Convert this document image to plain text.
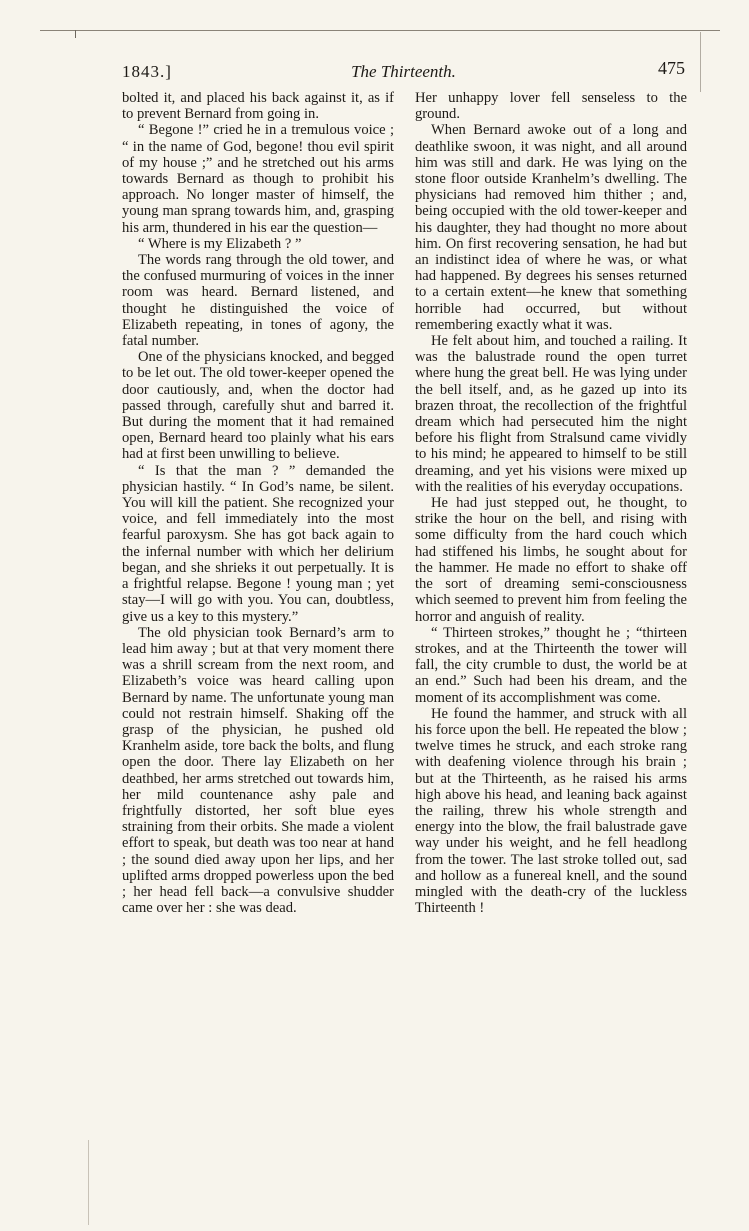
The Thirteenth.
1843.]	475

bolted it, and placed his back against it, as if to prevent Bernard from going in.

“ Begone !” cried he in a tremulous voice ; “ in the name of God, begone! thou evil spirit of my house ;” and he stretched out his arms towards Bernard as though to prohibit his approach. No longer master of himself, the young man sprang towards him, and, grasping his arm, thundered in his ear the question—

“ Where is my Elizabeth ? ”

The words rang through the old tower, and the confused murmuring of voices in the inner room was heard. Bernard listened, and thought he distinguished the voice of Elizabeth repeating, in tones of agony, the fatal number.

One of the physicians knocked, and begged to be let out. The old tower-keeper opened the door cautiously, and, when the doctor had passed through, carefully shut and barred it. But during the moment that it had remained open, Bernard heard too plainly what his ears had at first been unwilling to believe.

“ Is that the man ? ” demanded the physician hastily. “ In God’s name, be silent. You will kill the patient. She recognized your voice, and fell immediately into the most fearful paroxysm. She has got back again to the infernal number with which her delirium began, and she shrieks it out perpetually. It is a frightful relapse. Begone ! young man ; yet stay—I will go with you. You can, doubtless, give us a key to this mystery.”

The old physician took Bernard’s arm to lead him away ; but at that very moment there was a shrill scream from the next room, and Elizabeth’s voice was heard calling upon Bernard by name. The unfortunate young man could not restrain himself. Shaking off the grasp of the physician, he pushed old Kranhelm aside, tore back the bolts, and flung open the door. There lay Elizabeth on her deathbed, her arms stretched out towards him, her mild countenance ashy pale and frightfully distorted, her soft blue eyes straining from their orbits. She made a violent effort to speak, but death was too near at hand ; the sound died away upon her lips, and her uplifted arms dropped powerless upon the bed ; her head fell back—a convulsive shudder came over her : she was dead.

Her unhappy lover fell senseless to the ground.

When Bernard awoke out of a long and deathlike swoon, it was night, and all around him was still and dark. He was lying on the stone floor outside Kranhelm’s dwelling. The physicians had removed him thither ; and, being occupied with the old tower-keeper and his daughter, they had thought no more about him. On first recovering sensation, he had but an indistinct idea of where he was, or what had happened. By degrees his senses returned to a certain extent—he knew that something horrible had occurred, but without remembering exactly what it was.

He felt about him, and touched a railing. It was the balustrade round the open turret where hung the great bell. He was lying under the bell itself, and, as he gazed up into its brazen throat, the recollection of the frightful dream which had persecuted him the night before his flight from Stralsund came vividly to his mind; he appeared to himself to be still dreaming, and yet his visions were mixed up with the realities of his everyday occupations.

He had just stepped out, he thought, to strike the hour on the bell, and rising with some difficulty from the hard couch which had stiffened his limbs, he sought about for the hammer. He made no effort to shake off the sort of dreaming semi-consciousness which seemed to prevent him from feeling the horror and anguish of reality.

“ Thirteen strokes,” thought he ; “thirteen strokes, and at the Thirteenth the tower will fall, the city crumble to dust, the world be at an end.” Such had been his dream, and the moment of its accomplishment was come.

He found the hammer, and struck with all his force upon the bell. He repeated the blow ; twelve times he struck, and each stroke rang with deafening violence through his brain ; but at the Thirteenth, as he raised his arms high above his head, and leaning back against the railing, threw his whole strength and energy into the blow, the frail balustrade gave way under his weight, and he fell headlong from the tower. The last stroke tolled out, sad and hollow as a funereal knell, and the sound mingled with the death-cry of the luckless Thirteenth !
